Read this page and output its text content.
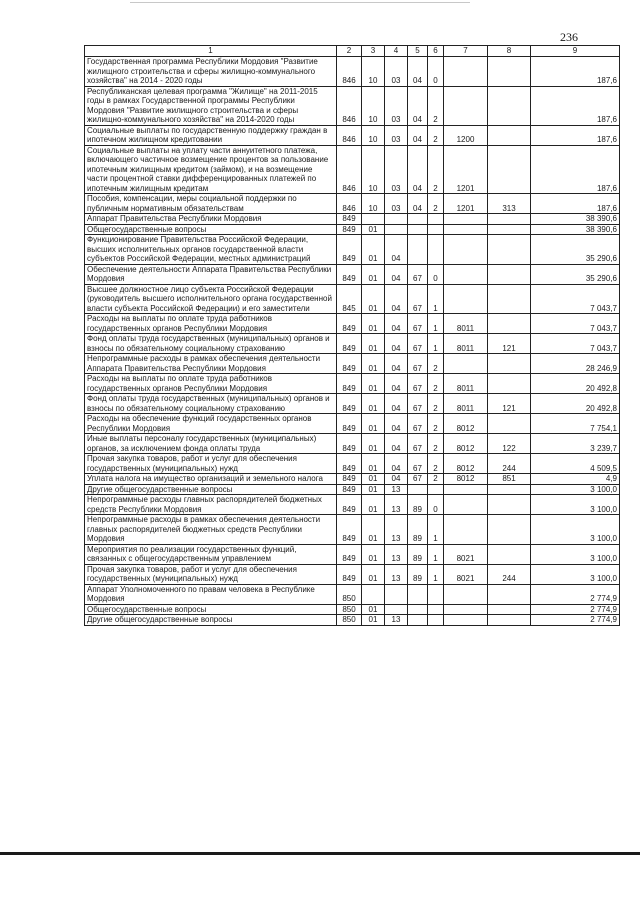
236
1	2	3	4	5	6	7	8	9
Государственная программа Республики Мордовия "Развитие жилищного строительства и сферы жилищно-коммунального хозяйства" на 2014 - 2020 годы	846	10	03	04	0			187,6
Республиканская целевая программа "Жилище" на 2011-2015 годы в рамках Государственной программы Республики Мордовия "Развитие жилищного строительства и сферы жилищно-коммунального хозяйства" на 2014-2020 годы	846	10	03	04	2			187,6
Социальные выплаты по государственную поддержку граждан в ипотечном жилищном кредитовании	846	10	03	04	2	1200		187,6
Социальные выплаты на уплату части аннуитетного платежа, включающего частичное возмещение процентов за пользование ипотечным жилищным кредитом (займом), и на возмещение части процентной ставки дифференцированных платежей по ипотечным жилищным кредитам	846	10	03	04	2	1201		187,6
Пособия, компенсации, меры социальной поддержки по публичным нормативным обязательствам	846	10	03	04	2	1201	313	187,6
Аппарат Правительства Республики Мордовия	849							38 390,6
Общегосударственные вопросы	849	01						38 390,6
Функционирование Правительства Российской Федерации, высших исполнительных органов государственной власти субъектов Российской Федерации, местных администраций	849	01	04					35 290,6
Обеспечение деятельности Аппарата Правительства Республики Мордовия	849	01	04	67	0			35 290,6
Высшее должностное лицо субъекта Российской Федерации (руководитель высшего исполнительного органа государственной власти субъекта Российской Федерации) и его заместители	845	01	04	67	1			7 043,7
Расходы на выплаты по оплате труда работников государственных органов Республики Мордовия	849	01	04	67	1	8011		7 043,7
Фонд оплаты труда государственных (муниципальных) органов и взносы по обязательному социальному страхованию	849	01	04	67	1	8011	121	7 043,7
Непрограммные расходы в рамках обеспечения деятельности Аппарата Правительства Республики Мордовия	849	01	04	67	2			28 246,9
Расходы на выплаты по оплате труда работников государственных органов Республики Мордовия	849	01	04	67	2	8011		20 492,8
Фонд оплаты труда государственных (муниципальных) органов и взносы по обязательному социальному страхованию	849	01	04	67	2	8011	121	20 492,8
Расходы на обеспечение функций государственных органов Республики Мордовия	849	01	04	67	2	8012		7 754,1
Иные выплаты персоналу государственных (муниципальных) органов, за исключением фонда оплаты труда	849	01	04	67	2	8012	122	3 239,7
Прочая закупка товаров, работ и услуг для обеспечения государственных (муниципальных) нужд	849	01	04	67	2	8012	244	4 509,5
Уплата налога на имущество организаций и земельного налога	849	01	04	67	2	8012	851	4,9
Другие общегосударственные вопросы	849	01	13					3 100,0
Непрограммные расходы главных распорядителей бюджетных средств Республики Мордовия	849	01	13	89	0			3 100,0
Непрограммные расходы в рамках обеспечения деятельности главных распорядителей бюджетных средств Республики Мордовия	849	01	13	89	1			3 100,0
Мероприятия по реализации государственных функций, связанных с общегосударственным управлением	849	01	13	89	1	8021		3 100,0
Прочая закупка товаров, работ и услуг для обеспечения государственных (муниципальных) нужд	849	01	13	89	1	8021	244	3 100,0
Аппарат Уполномоченного по правам человека в Республике Мордовия	850							2 774,9
Общегосударственные вопросы	850	01						2 774,9
Другие общегосударственные вопросы	850	01	13					2 774,9
